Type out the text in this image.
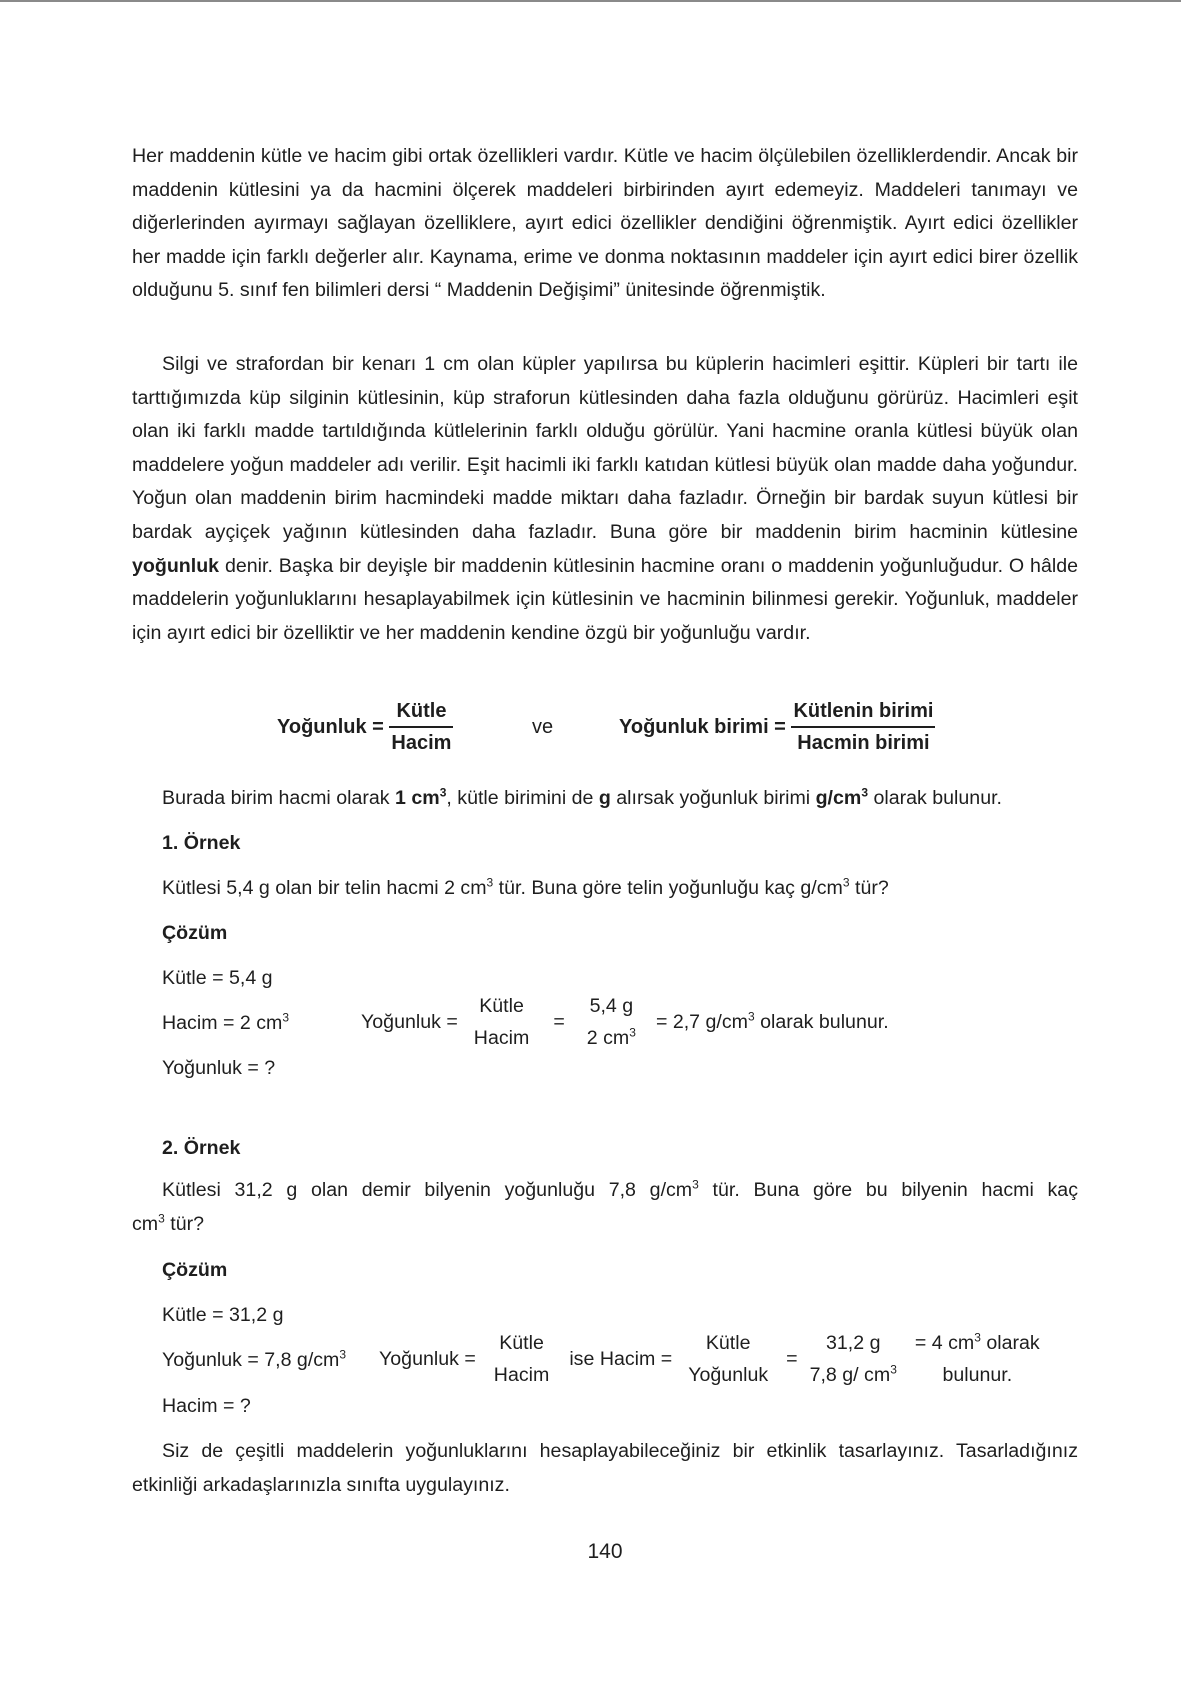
Her maddenin kütle ve hacim gibi ortak özellikleri vardır. Kütle ve hacim ölçülebilen özelliklerdendir. Ancak bir maddenin kütlesini ya da hacmini ölçerek maddeleri birbirinden ayırt edemeyiz. Maddeleri tanımayı ve diğerlerinden ayırmayı sağlayan özelliklere, ayırt edici özellikler dendiğini öğrenmiştik. Ayırt edici özellikler her madde için farklı değerler alır. Kaynama, erime ve donma noktasının maddeler için ayırt edici birer özellik olduğunu 5. sınıf fen bilimleri dersi “ Maddenin Değişimi” ünitesinde öğrenmiştik.

Silgi ve strafordan bir kenarı 1 cm olan küpler yapılırsa bu küplerin hacimleri eşittir. Küpleri bir tartı ile tarttığımızda küp silginin kütlesinin, küp straforun kütlesinden daha fazla olduğunu görürüz. Hacimleri eşit olan iki farklı madde tartıldığında kütlelerinin farklı olduğu görülür. Yani hacmine oranla kütlesi büyük olan maddelere yoğun maddeler adı verilir. Eşit hacimli iki farklı katıdan kütlesi büyük olan madde daha yoğundur. Yoğun olan maddenin birim hacmindeki madde miktarı daha fazladır. Örneğin bir bardak suyun kütlesi bir bardak ayçiçek yağının kütlesinden daha fazladır. Buna göre bir maddenin birim hacminin kütlesine yoğunluk denir. Başka bir deyişle bir maddenin kütlesinin hacmine oranı o maddenin yoğunluğudur. O hâlde maddelerin yoğunluklarını hesaplayabilmek için kütlesinin ve hacminin bilinmesi gerekir. Yoğunluk, maddeler için ayırt edici bir özelliktir ve her maddenin kendine özgü bir yoğunluğu vardır.

Yoğunluk =
$\frac{\text{Kütle}}{\text{Hacim}}$	ve	Yoğunluk birimi =
$\frac{\text{Kütlenin birimi}}{\text{Hacmin birimi}}$
Burada birim hacmi olarak 1 $cm^3$, kütle birimini de g alırsak yoğunluk birimi $g/cm^3$ olarak bulunur.
1. Örnek
Kütlesi 5,4 g olan bir telin hacmi 2 $cm^3$ tür. Buna göre telin yoğunluğu kaç $g/cm^3$ tür?
Çözüm
Kütle = 5,4 g
Hacim = 2 $cm^3$
Yoğunluk = ?
Yoğunluk =
Kütle
Hacim
=
5,4 g
2 $cm^3 = 2,7$ $g/cm^3$ olarak bulunur.
2. Örnek

Kütlesi 31,2 g olan demir bilyenin yoğunluğu 7,8 $g/cm^3$ tür. Buna göre bu bilyenin hacmi kaç
$cm^3$ tür?

Çözüm
Kütle = 31,2 g
Yoğunluk = 7,8 $g/cm^3$
Hacim = ?
Yoğunluk =
Kütle
Hacim
ise Hacim =
Kütle
Yoğunluk
=
31,2 g
7,8 g/ $cm^3$
= 4 $cm^3$ olarak
bulunur.

Siz de çeşitli maddelerin yoğunluklarını hesaplayabileceğiniz bir etkinlik tasarlayınız. Tasarladığınız etkinliği arkadaşlarınızla sınıfta uygulayınız.

140
